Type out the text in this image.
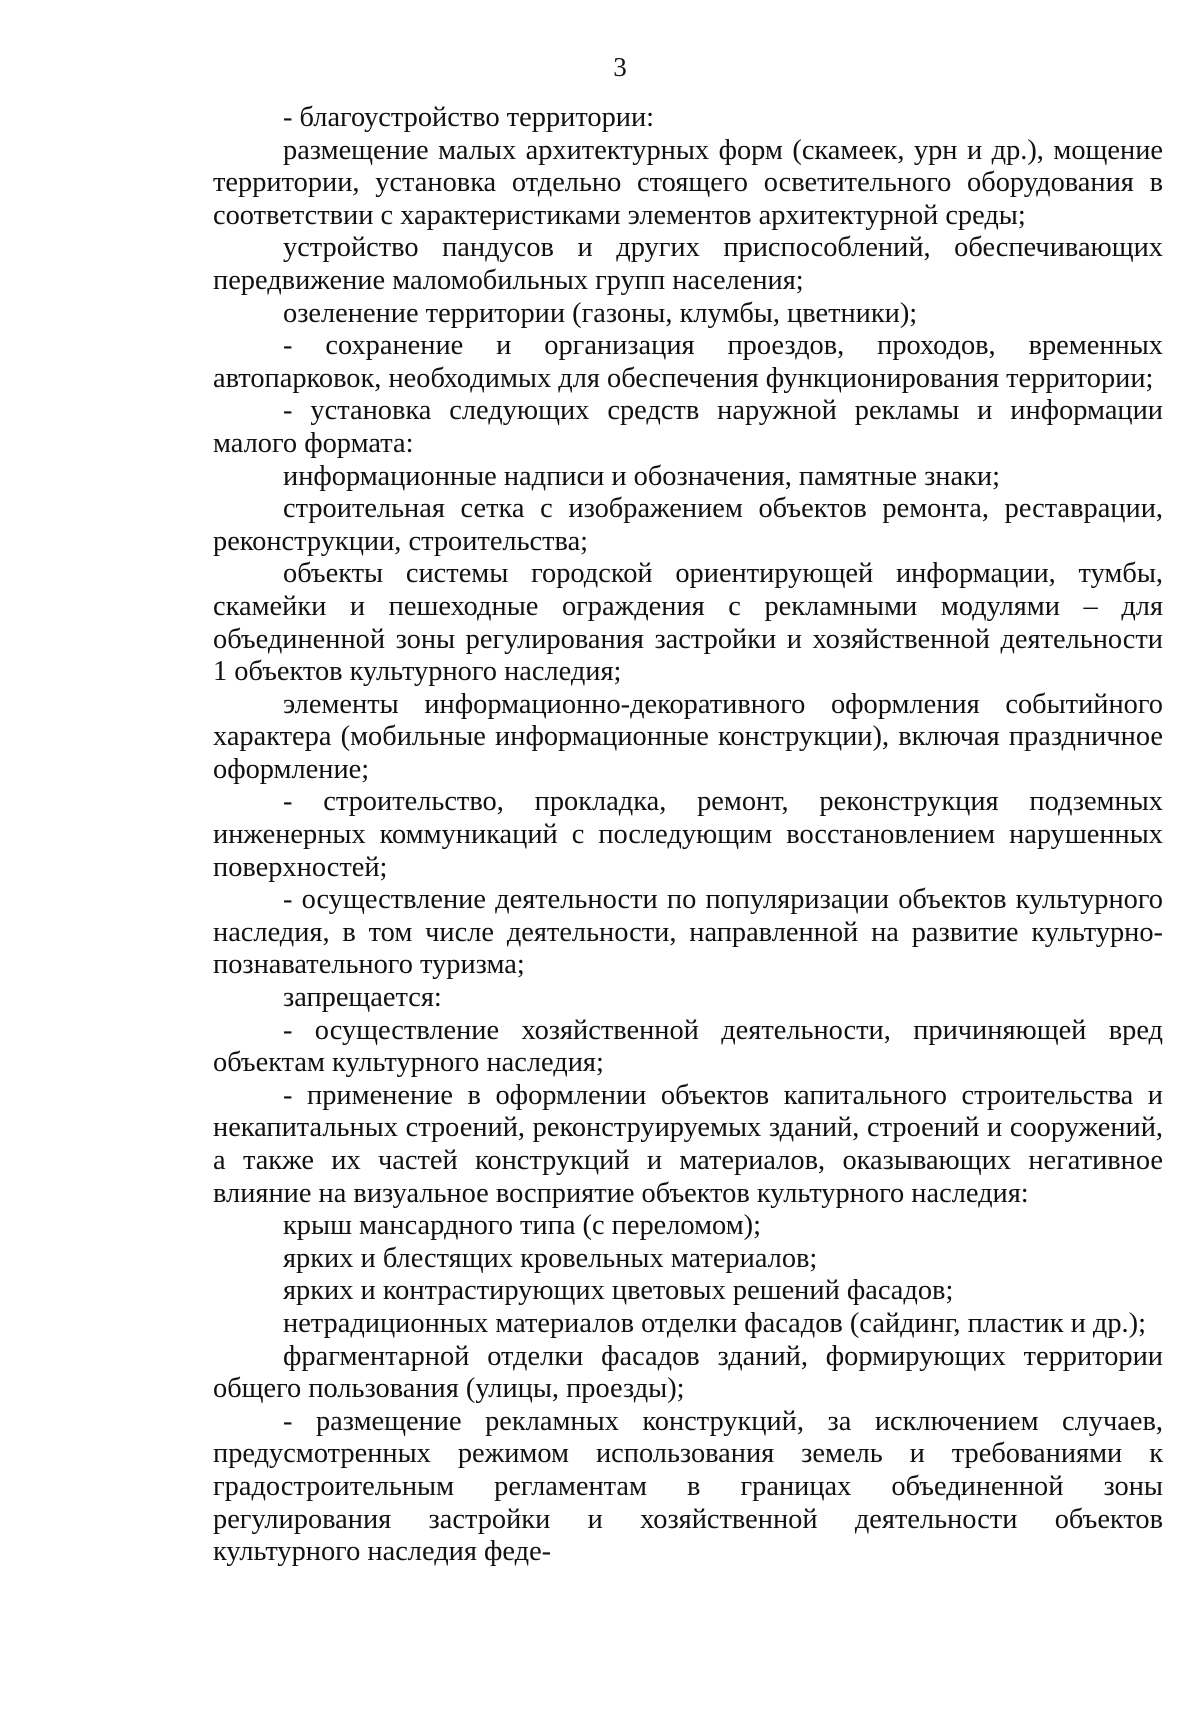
3

- благоустройство территории:

размещение малых архитектурных форм (скамеек, урн и др.), мощение территории, установка отдельно стоящего осветительного оборудования в соответствии с характеристиками элементов архитектурной среды;

устройство пандусов и других приспособлений, обеспечивающих передвижение маломобильных групп населения;

озеленение территории (газоны, клумбы, цветники);

- сохранение и организация проездов, проходов, временных автопарковок, необходимых для обеспечения функционирования территории;

- установка следующих средств наружной рекламы и информации малого формата:

информационные надписи и обозначения, памятные знаки;

строительная сетка с изображением объектов ремонта, реставрации, реконструкции, строительства;

объекты системы городской ориентирующей информации, тумбы, скамейки и пешеходные ограждения с рекламными модулями – для объединенной зоны регулирования застройки и хозяйственной деятельности 1 объектов культурного наследия;

элементы информационно-декоративного оформления событийного характера (мобильные информационные конструкции), включая праздничное оформление;

- строительство, прокладка, ремонт, реконструкция подземных инженерных коммуникаций с последующим восстановлением нарушенных поверхностей;

- осуществление деятельности по популяризации объектов культурного наследия, в том числе деятельности, направленной на развитие культурно-познавательного туризма;

запрещается:

- осуществление хозяйственной деятельности, причиняющей вред объектам культурного наследия;

- применение в оформлении объектов капитального строительства и некапитальных строений, реконструируемых зданий, строений и сооружений, а также их частей конструкций и материалов, оказывающих негативное влияние на визуальное восприятие объектов культурного наследия:

крыш мансардного типа (с переломом);

ярких и блестящих кровельных материалов;

ярких и контрастирующих цветовых решений фасадов;

нетрадиционных материалов отделки фасадов (сайдинг, пластик и др.);

фрагментарной отделки фасадов зданий, формирующих территории общего пользования (улицы, проезды);

- размещение рекламных конструкций, за исключением случаев, предусмотренных режимом использования земель и требованиями к градостроительным регламентам в границах объединенной зоны регулирования застройки и хозяйственной деятельности объектов культурного наследия феде-
